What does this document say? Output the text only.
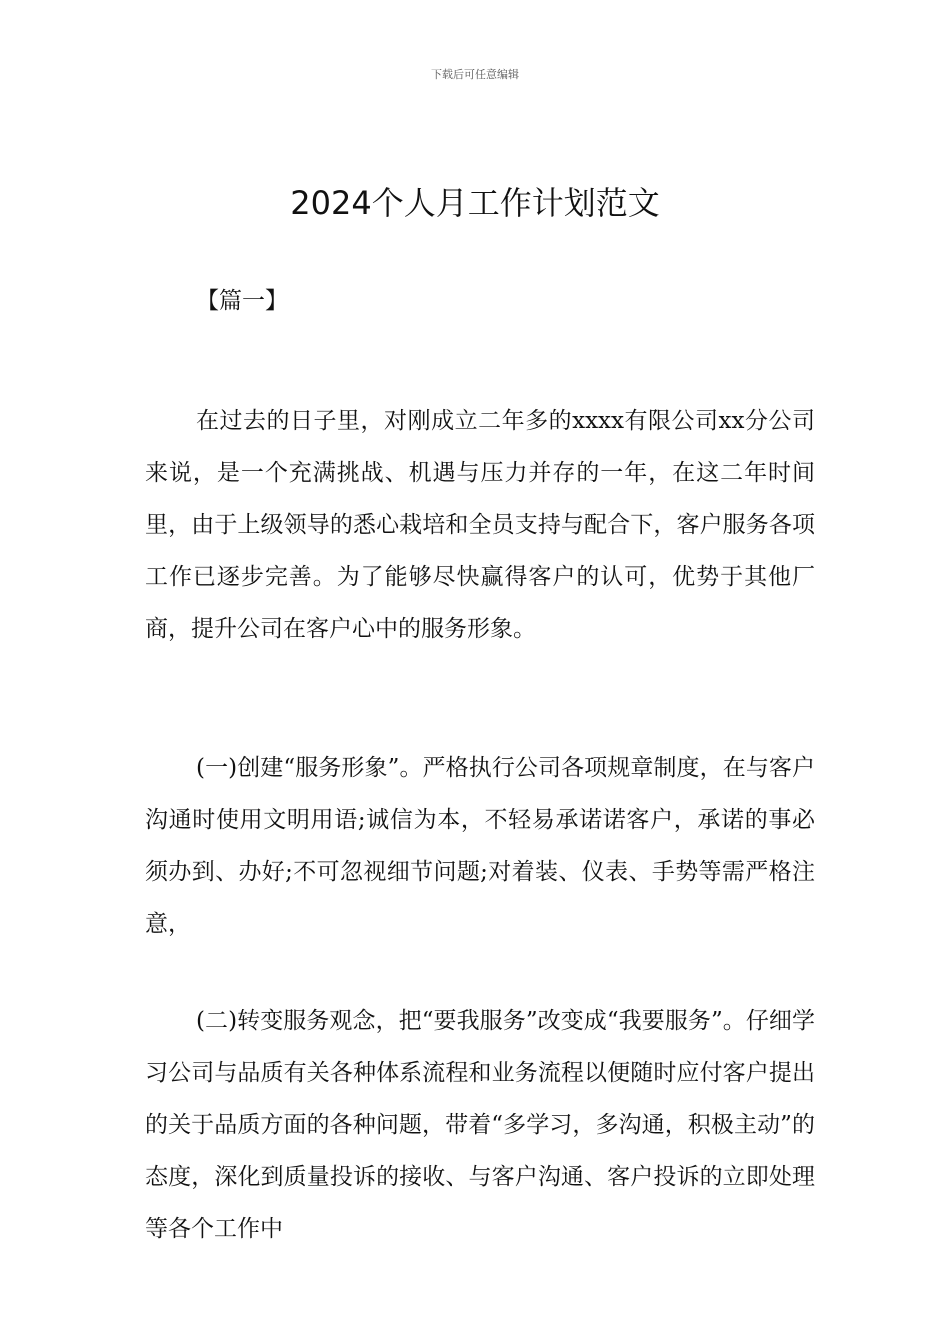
下载后可任意编辑
2024个人月工作计划范文
【篇一】

在过去的日子里，对刚成立二年多的xxxx有限公司xx分公司来说，是一个充满挑战、机遇与压力并存的一年，在这二年时间里，由于上级领导的悉心栽培和全员支持与配合下，客户服务各项工作已逐步完善。为了能够尽快赢得客户的认可，优势于其他厂商，提升公司在客户心中的服务形象。

(一)创建“服务形象”。严格执行公司各项规章制度，在与客户沟通时使用文明用语;诚信为本，不轻易承诺诺客户，承诺的事必须办到、办好;不可忽视细节问题;对着装、仪表、手势等需严格注意，

(二)转变服务观念，把“要我服务”改变成“我要服务”。仔细学习公司与品质有关各种体系流程和业务流程以便随时应付客户提出的关于品质方面的各种问题，带着“多学习，多沟通，积极主动”的态度，深化到质量投诉的接收、与客户沟通、客户投诉的立即处理等各个工作中
